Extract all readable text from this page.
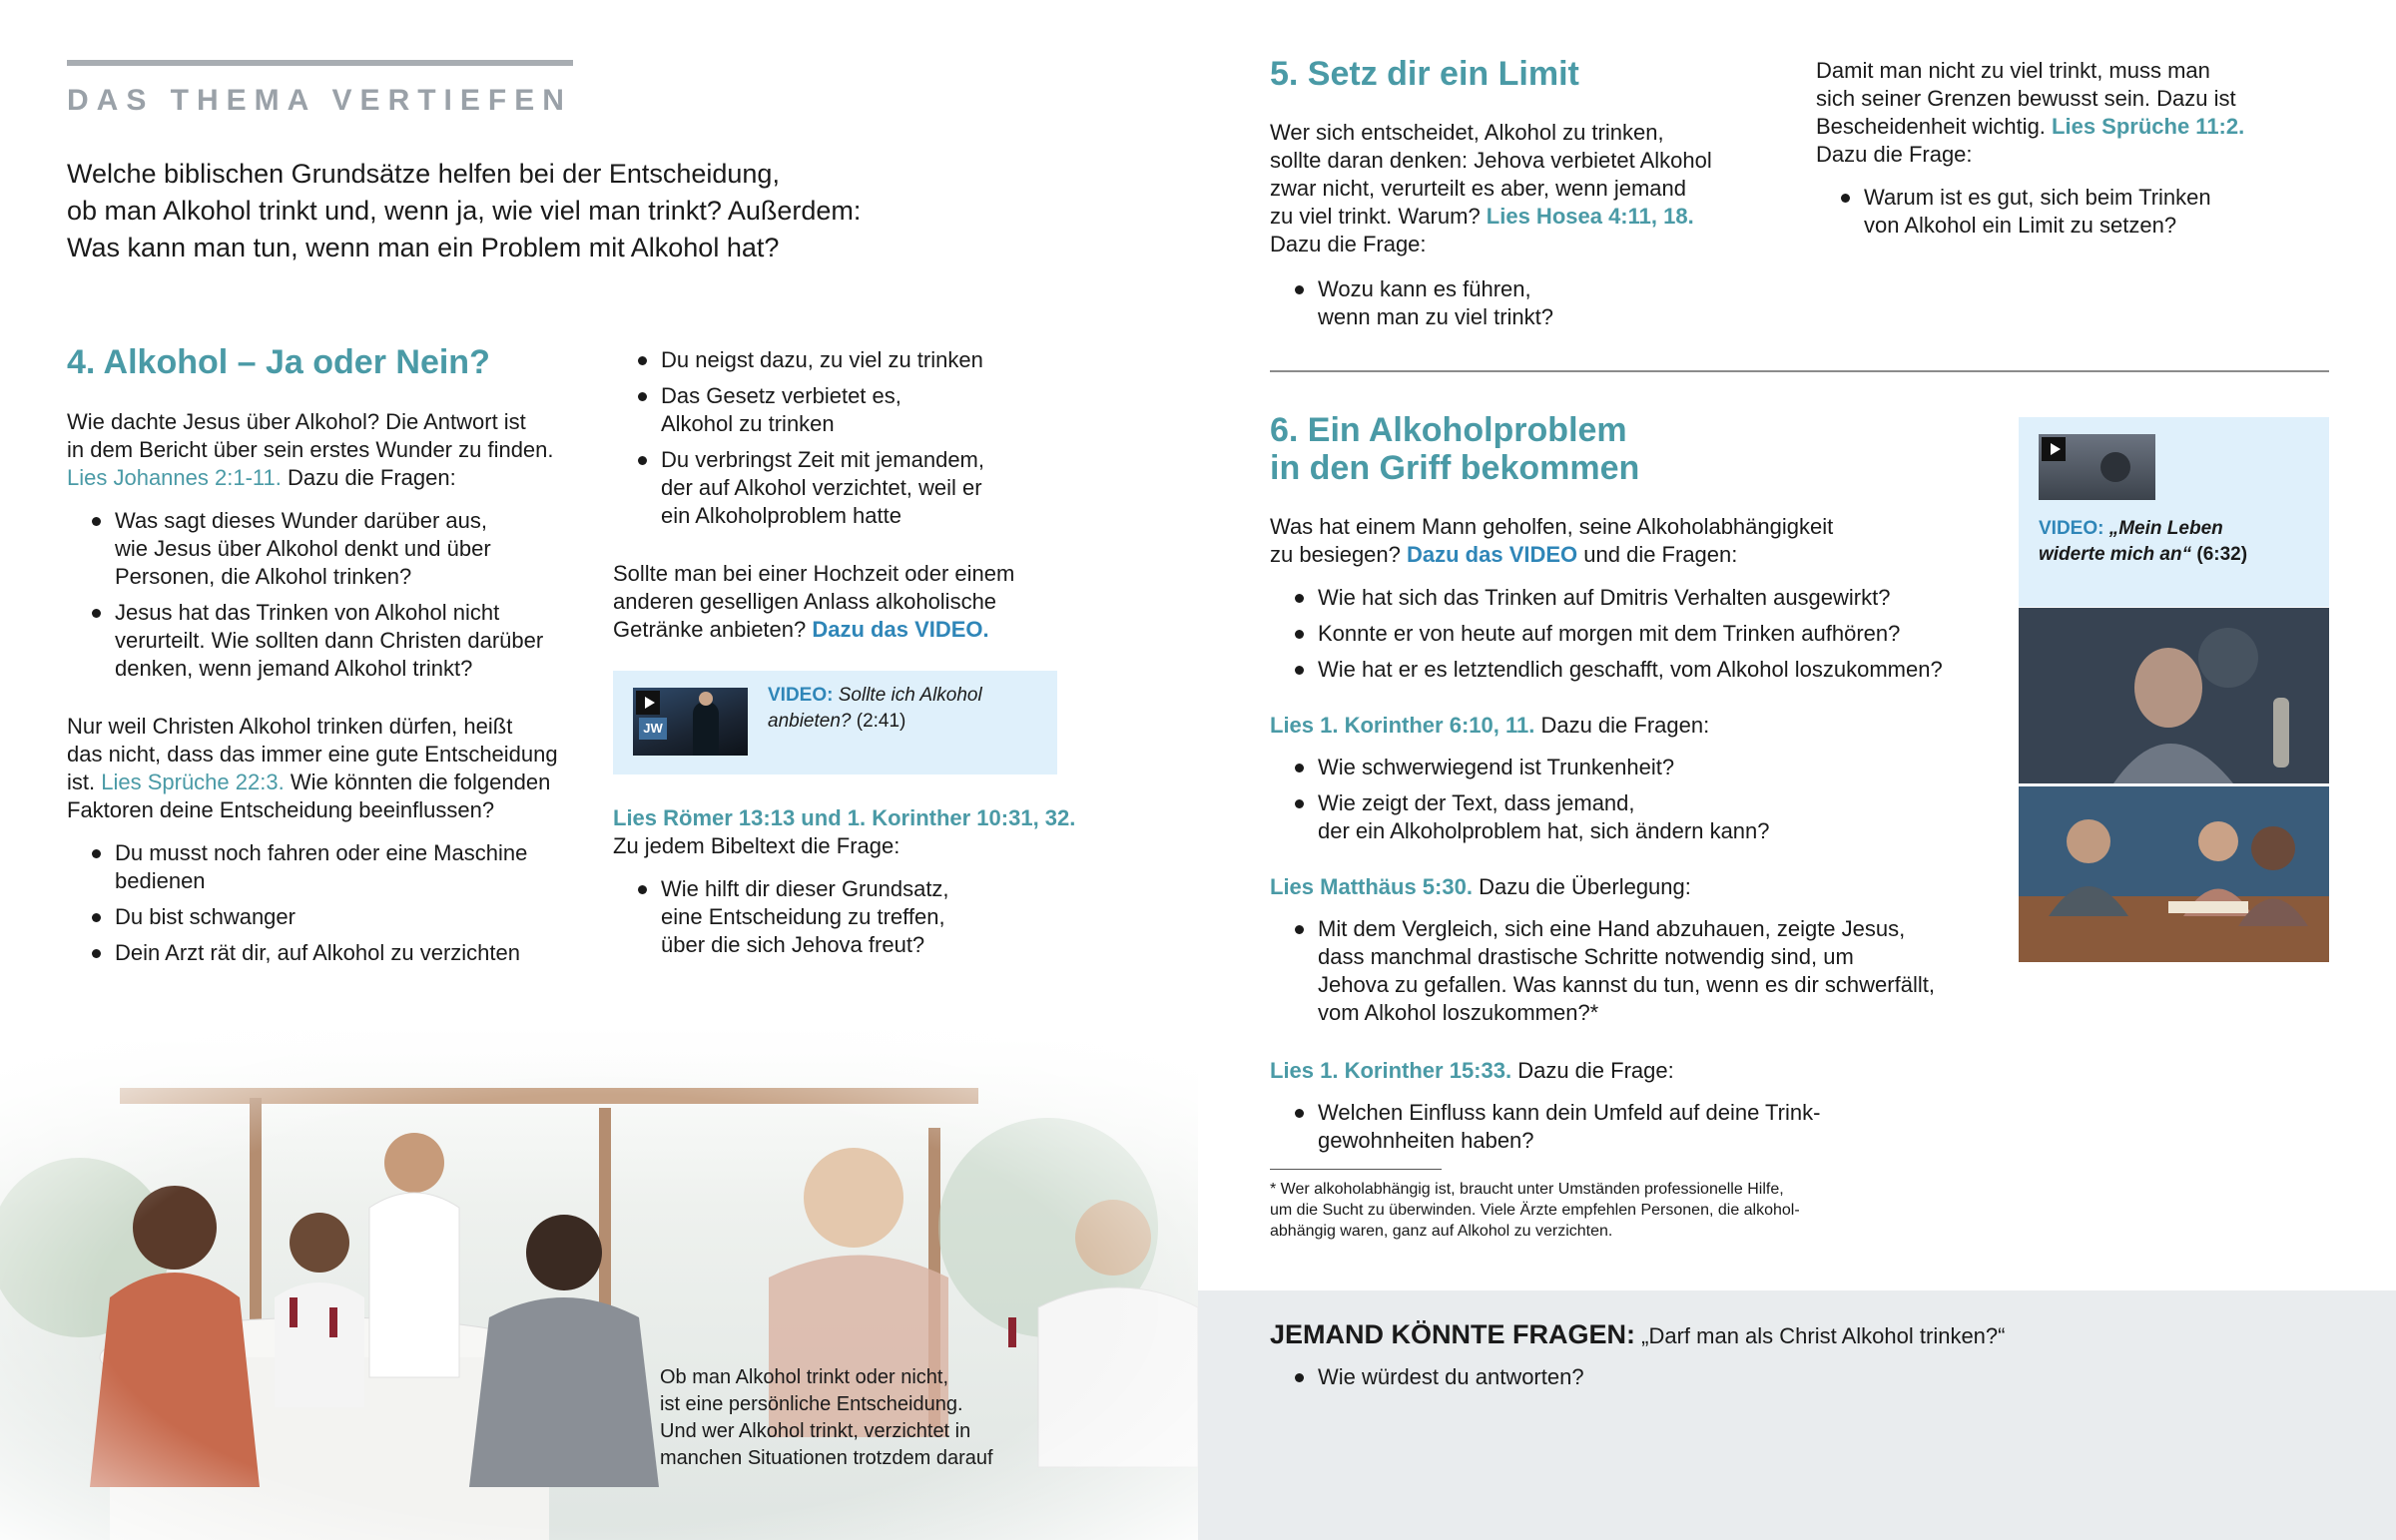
DAS THEMA VERTIEFEN
Welche biblischen Grundsätze helfen bei der Entscheidung,
ob man Alkohol trinkt und, wenn ja, wie viel man trinkt? Außerdem:
Was kann man tun, wenn man ein Problem mit Alkohol hat?
4. Alkohol – Ja oder Nein?
Wie dachte Jesus über Alkohol? Die Antwort ist
in dem Bericht über sein erstes Wunder zu finden.
Lies Johannes 2:1-11. Dazu die Fragen:
Was sagt dieses Wunder darüber aus,
wie Jesus über Alkohol denkt und über
Personen, die Alkohol trinken?
Jesus hat das Trinken von Alkohol nicht
verurteilt. Wie sollten dann Christen darüber
denken, wenn jemand Alkohol trinkt?
Nur weil Christen Alkohol trinken dürfen, heißt
das nicht, dass das immer eine gute Entscheidung
ist. Lies Sprüche 22:3. Wie könnten die folgenden
Faktoren deine Entscheidung beeinflussen?
Du musst noch fahren oder eine Maschine
bedienen
Du bist schwanger
Dein Arzt rät dir, auf Alkohol zu verzichten
Du neigst dazu, zu viel zu trinken
Das Gesetz verbietet es,
Alkohol zu trinken
Du verbringst Zeit mit jemandem,
der auf Alkohol verzichtet, weil er
ein Alkoholproblem hatte
Sollte man bei einer Hochzeit oder einem
anderen geselligen Anlass alkoholische
Getränke anbieten? Dazu das VIDEO.
JW
VIDEO: Sollte ich Alkohol
anbieten? (2:41)
Lies Römer 13:13 und 1. Korinther 10:31, 32.
Zu jedem Bibeltext die Frage:
Wie hilft dir dieser Grundsatz,
eine Entscheidung zu treffen,
über die sich Jehova freut?
Ob man Alkohol trinkt oder nicht,
ist eine persönliche Entscheidung.
Und wer Alkohol trinkt, verzichtet in
manchen Situationen trotzdem darauf
5. Setz dir ein Limit
Wer sich entscheidet, Alkohol zu trinken,
sollte daran denken: Jehova verbietet Alkohol
zwar nicht, verurteilt es aber, wenn jemand
zu viel trinkt. Warum? Lies Hosea 4:11, 18.
Dazu die Frage:
Wozu kann es führen,
wenn man zu viel trinkt?
Damit man nicht zu viel trinkt, muss man
sich seiner Grenzen bewusst sein. Dazu ist
Bescheidenheit wichtig. Lies Sprüche 11:2.
Dazu die Frage:
Warum ist es gut, sich beim Trinken
von Alkohol ein Limit zu setzen?
6. Ein Alkoholproblem
in den Griff bekommen
Was hat einem Mann geholfen, seine Alkoholabhängigkeit
zu besiegen? Dazu das VIDEO und die Fragen:
Wie hat sich das Trinken auf Dmitris Verhalten ausgewirkt?
Konnte er von heute auf morgen mit dem Trinken aufhören?
Wie hat er es letztendlich geschafft, vom Alkohol loszukommen?
Lies 1. Korinther 6:10, 11. Dazu die Fragen:
Wie schwerwiegend ist Trunkenheit?
Wie zeigt der Text, dass jemand,
der ein Alkoholproblem hat, sich ändern kann?
Lies Matthäus 5:30. Dazu die Überlegung:
Mit dem Vergleich, sich eine Hand abzuhauen, zeigte Jesus,
dass manchmal drastische Schritte notwendig sind, um
Jehova zu gefallen. Was kannst du tun, wenn es dir schwerfällt,
vom Alkohol loszukommen?*
Lies 1. Korinther 15:33. Dazu die Frage:
Welchen Einfluss kann dein Umfeld auf deine Trink-
gewohnheiten haben?
* Wer alkoholabhängig ist, braucht unter Umständen professionelle Hilfe,
um die Sucht zu überwinden. Viele Ärzte empfehlen Personen, die alkohol-
abhängig waren, ganz auf Alkohol zu verzichten.
VIDEO: „Mein Leben
widerte mich an“ (6:32)
JEMAND KÖNNTE FRAGEN: „Darf man als Christ Alkohol trinken?“
Wie würdest du antworten?
